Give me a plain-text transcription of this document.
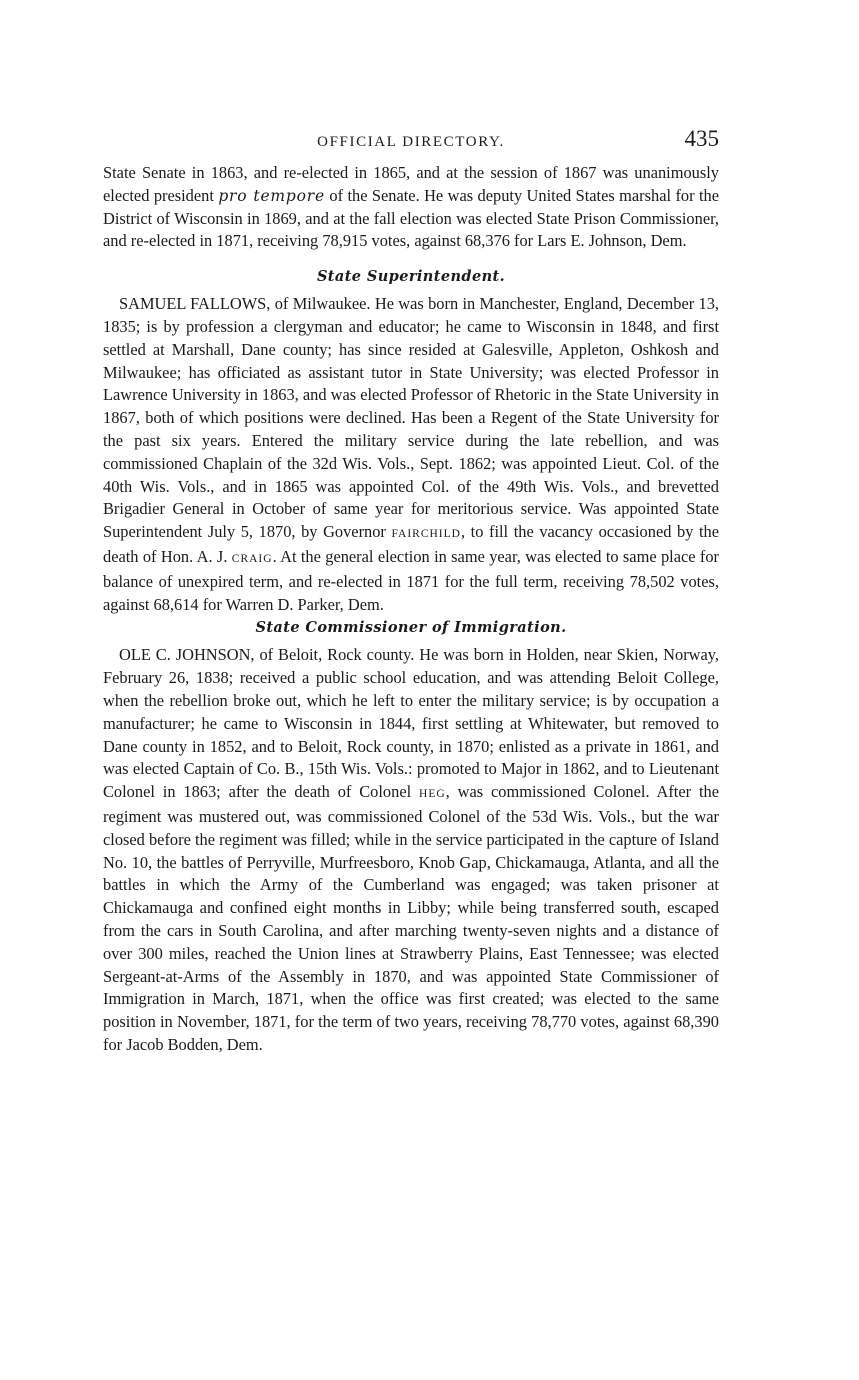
OFFICIAL DIRECTORY.	435

State Senate in 1863, and re-elected in 1865, and at the session of 1867 was unanimously elected president pro tempore of the Senate. He was deputy United States marshal for the District of Wisconsin in 1869, and at the fall election was elected State Prison Commissioner, and re-elected in 1871, receiving 78,915 votes, against 68,376 for Lars E. Johnson, Dem.

State Superintendent.

SAMUEL FALLOWS, of Milwaukee. He was born in Manchester, England, December 13, 1835; is by profession a clergyman and educator; he came to Wisconsin in 1848, and first settled at Marshall, Dane county; has since resided at Galesville, Appleton, Oshkosh and Milwaukee; has officiated as assistant tutor in State University; was elected Professor in Lawrence University in 1863, and was elected Professor of Rhetoric in the State University in 1867, both of which positions were declined. Has been a Regent of the State University for the past six years. Entered the military service during the late rebellion, and was commissioned Chaplain of the 32d Wis. Vols., Sept. 1862; was appointed Lieut. Col. of the 40th Wis. Vols., and in 1865 was appointed Col. of the 49th Wis. Vols., and brevetted Brigadier General in October of same year for meritorious service. Was appointed State Superintendent July 5, 1870, by Governor FAIRCHILD, to fill the vacancy occasioned by the death of Hon. A. J. CRAIG. At the general election in same year, was elected to same place for balance of unexpired term, and re-elected in 1871 for the full term, receiving 78,502 votes, against 68,614 for Warren D. Parker, Dem.

State Commissioner of Immigration.

OLE C. JOHNSON, of Beloit, Rock county. He was born in Holden, near Skien, Norway, February 26, 1838; received a public school education, and was attending Beloit College, when the rebellion broke out, which he left to enter the military service; is by occupation a manufacturer; he came to Wisconsin in 1844, first settling at Whitewater, but removed to Dane county in 1852, and to Beloit, Rock county, in 1870; enlisted as a private in 1861, and was elected Captain of Co. B., 15th Wis. Vols.: promoted to Major in 1862, and to Lieutenant Colonel in 1863; after the death of Colonel HEG, was commissioned Colonel. After the regiment was mustered out, was commissioned Colonel of the 53d Wis. Vols., but the war closed before the regiment was filled; while in the service participated in the capture of Island No. 10, the battles of Perryville, Murfreesboro, Knob Gap, Chickamauga, Atlanta, and all the battles in which the Army of the Cumberland was engaged; was taken prisoner at Chickamauga and confined eight months in Libby; while being transferred south, escaped from the cars in South Carolina, and after marching twenty-seven nights and a distance of over 300 miles, reached the Union lines at Strawberry Plains, East Tennessee; was elected Sergeant-at-Arms of the Assembly in 1870, and was appointed State Commissioner of Immigration in March, 1871, when the office was first created; was elected to the same position in November, 1871, for the term of two years, receiving 78,770 votes, against 68,390 for Jacob Bodden, Dem.
